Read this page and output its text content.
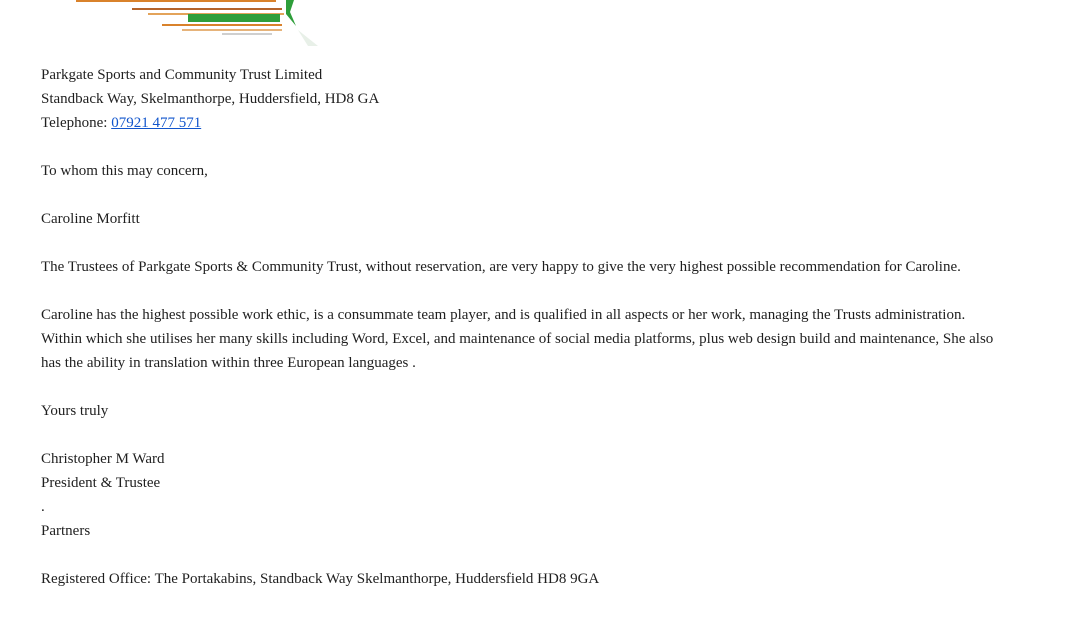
Parkgate Sports and Community Trust Limited
Standback Way, Skelmanthorpe, Huddersfield, HD8 GA
Telephone: 07921 477 571
To whom this may concern,
Caroline Morfitt
The Trustees of Parkgate Sports & Community Trust, without reservation, are very happy to give the very highest possible recommendation for Caroline.
Caroline has the highest possible work ethic, is a consummate team player, and is qualified in all aspects or her work, managing the Trusts administration. Within which she utilises her many skills including Word, Excel, and maintenance of social media platforms, plus web design build and maintenance, She also has the ability in translation within three European languages .
Yours truly
Christopher M Ward
President & Trustee
.
Partners
Registered Office: The Portakabins, Standback Way Skelmanthorpe, Huddersfield HD8 9GA
